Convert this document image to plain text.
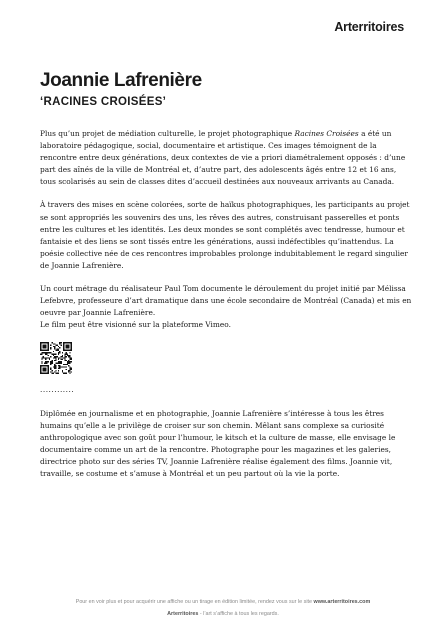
Arterritoires
Joannie Lafrenière
‘RACINES CROISÉES’

Plus qu’un projet de médiation culturelle, le projet photographique Racines Croisées a été un laboratoire pédagogique, social, documentaire et artistique. Ces images témoignent de la rencontre entre deux générations, deux contextes de vie a priori diamétralement opposés : d’une part des aînés de la ville de Montréal et, d’autre part, des adolescents âgés entre 12 et 16 ans, tous scolarisés au sein de classes dites d’accueil destinées aux nouveaux arrivants au Canada.

À travers des mises en scène colorées, sorte de haïkus photographiques, les participants au projet se sont appropriés les souvenirs des uns, les rêves des autres, construisant passerelles et ponts entre les cultures et les identités. Les deux mondes se sont complétés avec tendresse, humour et fantaisie et des liens se sont tissés entre les générations, aussi indéfectibles qu’inattendus. La poésie collective née de ces rencontres improbables prolonge indubitablement le regard singulier de Joannie Lafrenière.

Un court métrage du réalisateur Paul Tom documente le déroulement du projet initié par Mélissa Lefebvre, professeure d’art dramatique dans une école secondaire de Montréal (Canada) et mis en oeuvre par Joannie Lafrenière.
Le film peut être visionné sur la plateforme Vimeo.

............

Diplômée en journalisme et en photographie, Joannie Lafrenière s’intéresse à tous les êtres humains qu’elle a le privilège de croiser sur son chemin. Mêlant sans complexe sa curiosité anthropologique avec son goût pour l’humour, le kitsch et la culture de masse, elle envisage le documentaire comme un art de la rencontre. Photographe pour les magazines et les galeries, directrice photo sur des séries TV, Joannie Lafrenière réalise également des films. Joannie vit, travaille, se costume et s’amuse à Montréal et un peu partout où la vie la porte.

Pour en voir plus et pour acquérir une affiche ou un tirage en édition limitée, rendez vous sur le site www.arterritoires.com
Arterritoires - l’art s’affiche à tous les regards.
